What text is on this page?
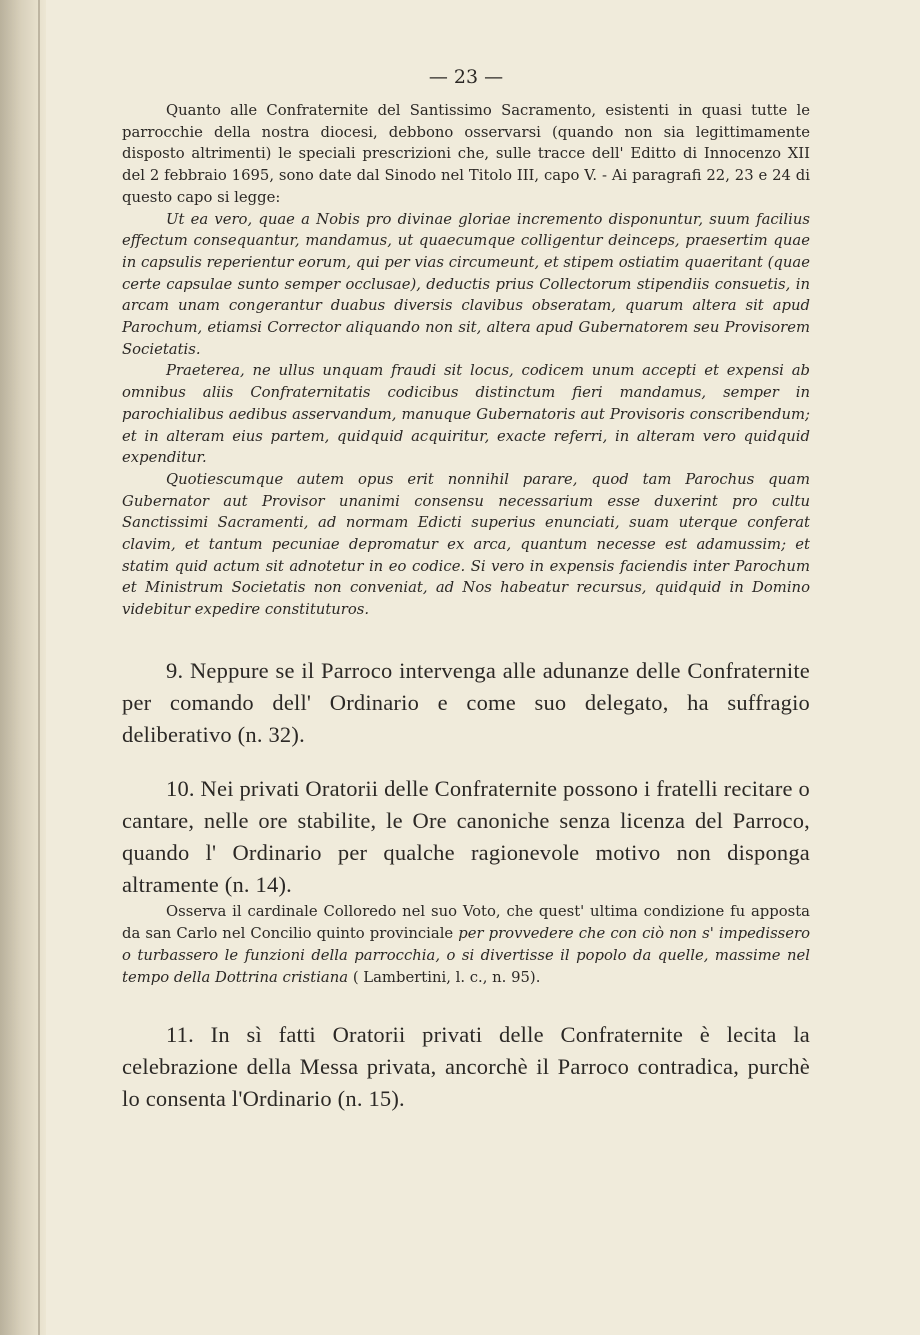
— 23 —

Quanto alle Confraternite del Santissimo Sacramento, esistenti in quasi tutte le parrocchie della nostra diocesi, debbono osservarsi (quando non sia legittimamente disposto altrimenti) le speciali prescrizioni che, sulle tracce dell' Editto di Innocenzo XII del 2 febbraio 1695, sono date dal Sinodo nel Titolo III, capo V. - Ai paragrafi 22, 23 e 24 di questo capo si legge:

Ut ea vero, quae a Nobis pro divinae gloriae incremento disponuntur, suum facilius effectum consequantur, mandamus, ut quaecumque colligentur deinceps, praesertim quae in capsulis reperientur eorum, qui per vias circumeunt, et stipem ostiatim quaeritant (quae certe capsulae sunto semper occlusae), deductis prius Collectorum stipendiis consuetis, in arcam unam congerantur duabus diversis clavibus obseratam, quarum altera sit apud Parochum, etiamsi Corrector aliquando non sit, altera apud Gubernatorem seu Provisorem Societatis.

Praeterea, ne ullus unquam fraudi sit locus, codicem unum accepti et expensi ab omnibus aliis Confraternitatis codicibus distinctum fieri mandamus, semper in parochialibus aedibus asservandum, manuque Gubernatoris aut Provisoris conscribendum; et in alteram eius partem, quidquid acquiritur, exacte referri, in alteram vero quidquid expenditur.

Quotiescumque autem opus erit nonnihil parare, quod tam Parochus quam Gubernator aut Provisor unanimi consensu necessarium esse duxerint pro cultu Sanctissimi Sacramenti, ad normam Edicti superius enunciati, suam uterque conferat clavim, et tantum pecuniae depromatur ex arca, quantum necesse est adamussim; et statim quid actum sit adnotetur in eo codice. Si vero in expensis faciendis inter Parochum et Ministrum Societatis non conveniat, ad Nos habeatur recursus, quidquid in Domino videbitur expedire constituturos.

9. Neppure se il Parroco intervenga alle adunanze delle Confraternite per comando dell' Ordinario e come suo delegato, ha suffragio deliberativo (n. 32).

10. Nei privati Oratorii delle Confraternite possono i fratelli recitare o cantare, nelle ore stabilite, le Ore canoniche senza licenza del Parroco, quando l' Ordinario per qualche ragionevole motivo non disponga altramente (n. 14).

Osserva il cardinale Colloredo nel suo Voto, che quest' ultima condizione fu apposta da san Carlo nel Concilio quinto provinciale per provvedere che con ciò non s' impedissero o turbassero le funzioni della parrocchia, o si divertisse il popolo da quelle, massime nel tempo della Dottrina cristiana ( Lambertini, l. c., n. 95).

11. In sì fatti Oratorii privati delle Confraternite è lecita la celebrazione della Messa privata, ancorchè il Parroco contradica, purchè lo consenta l'Ordinario (n. 15).
